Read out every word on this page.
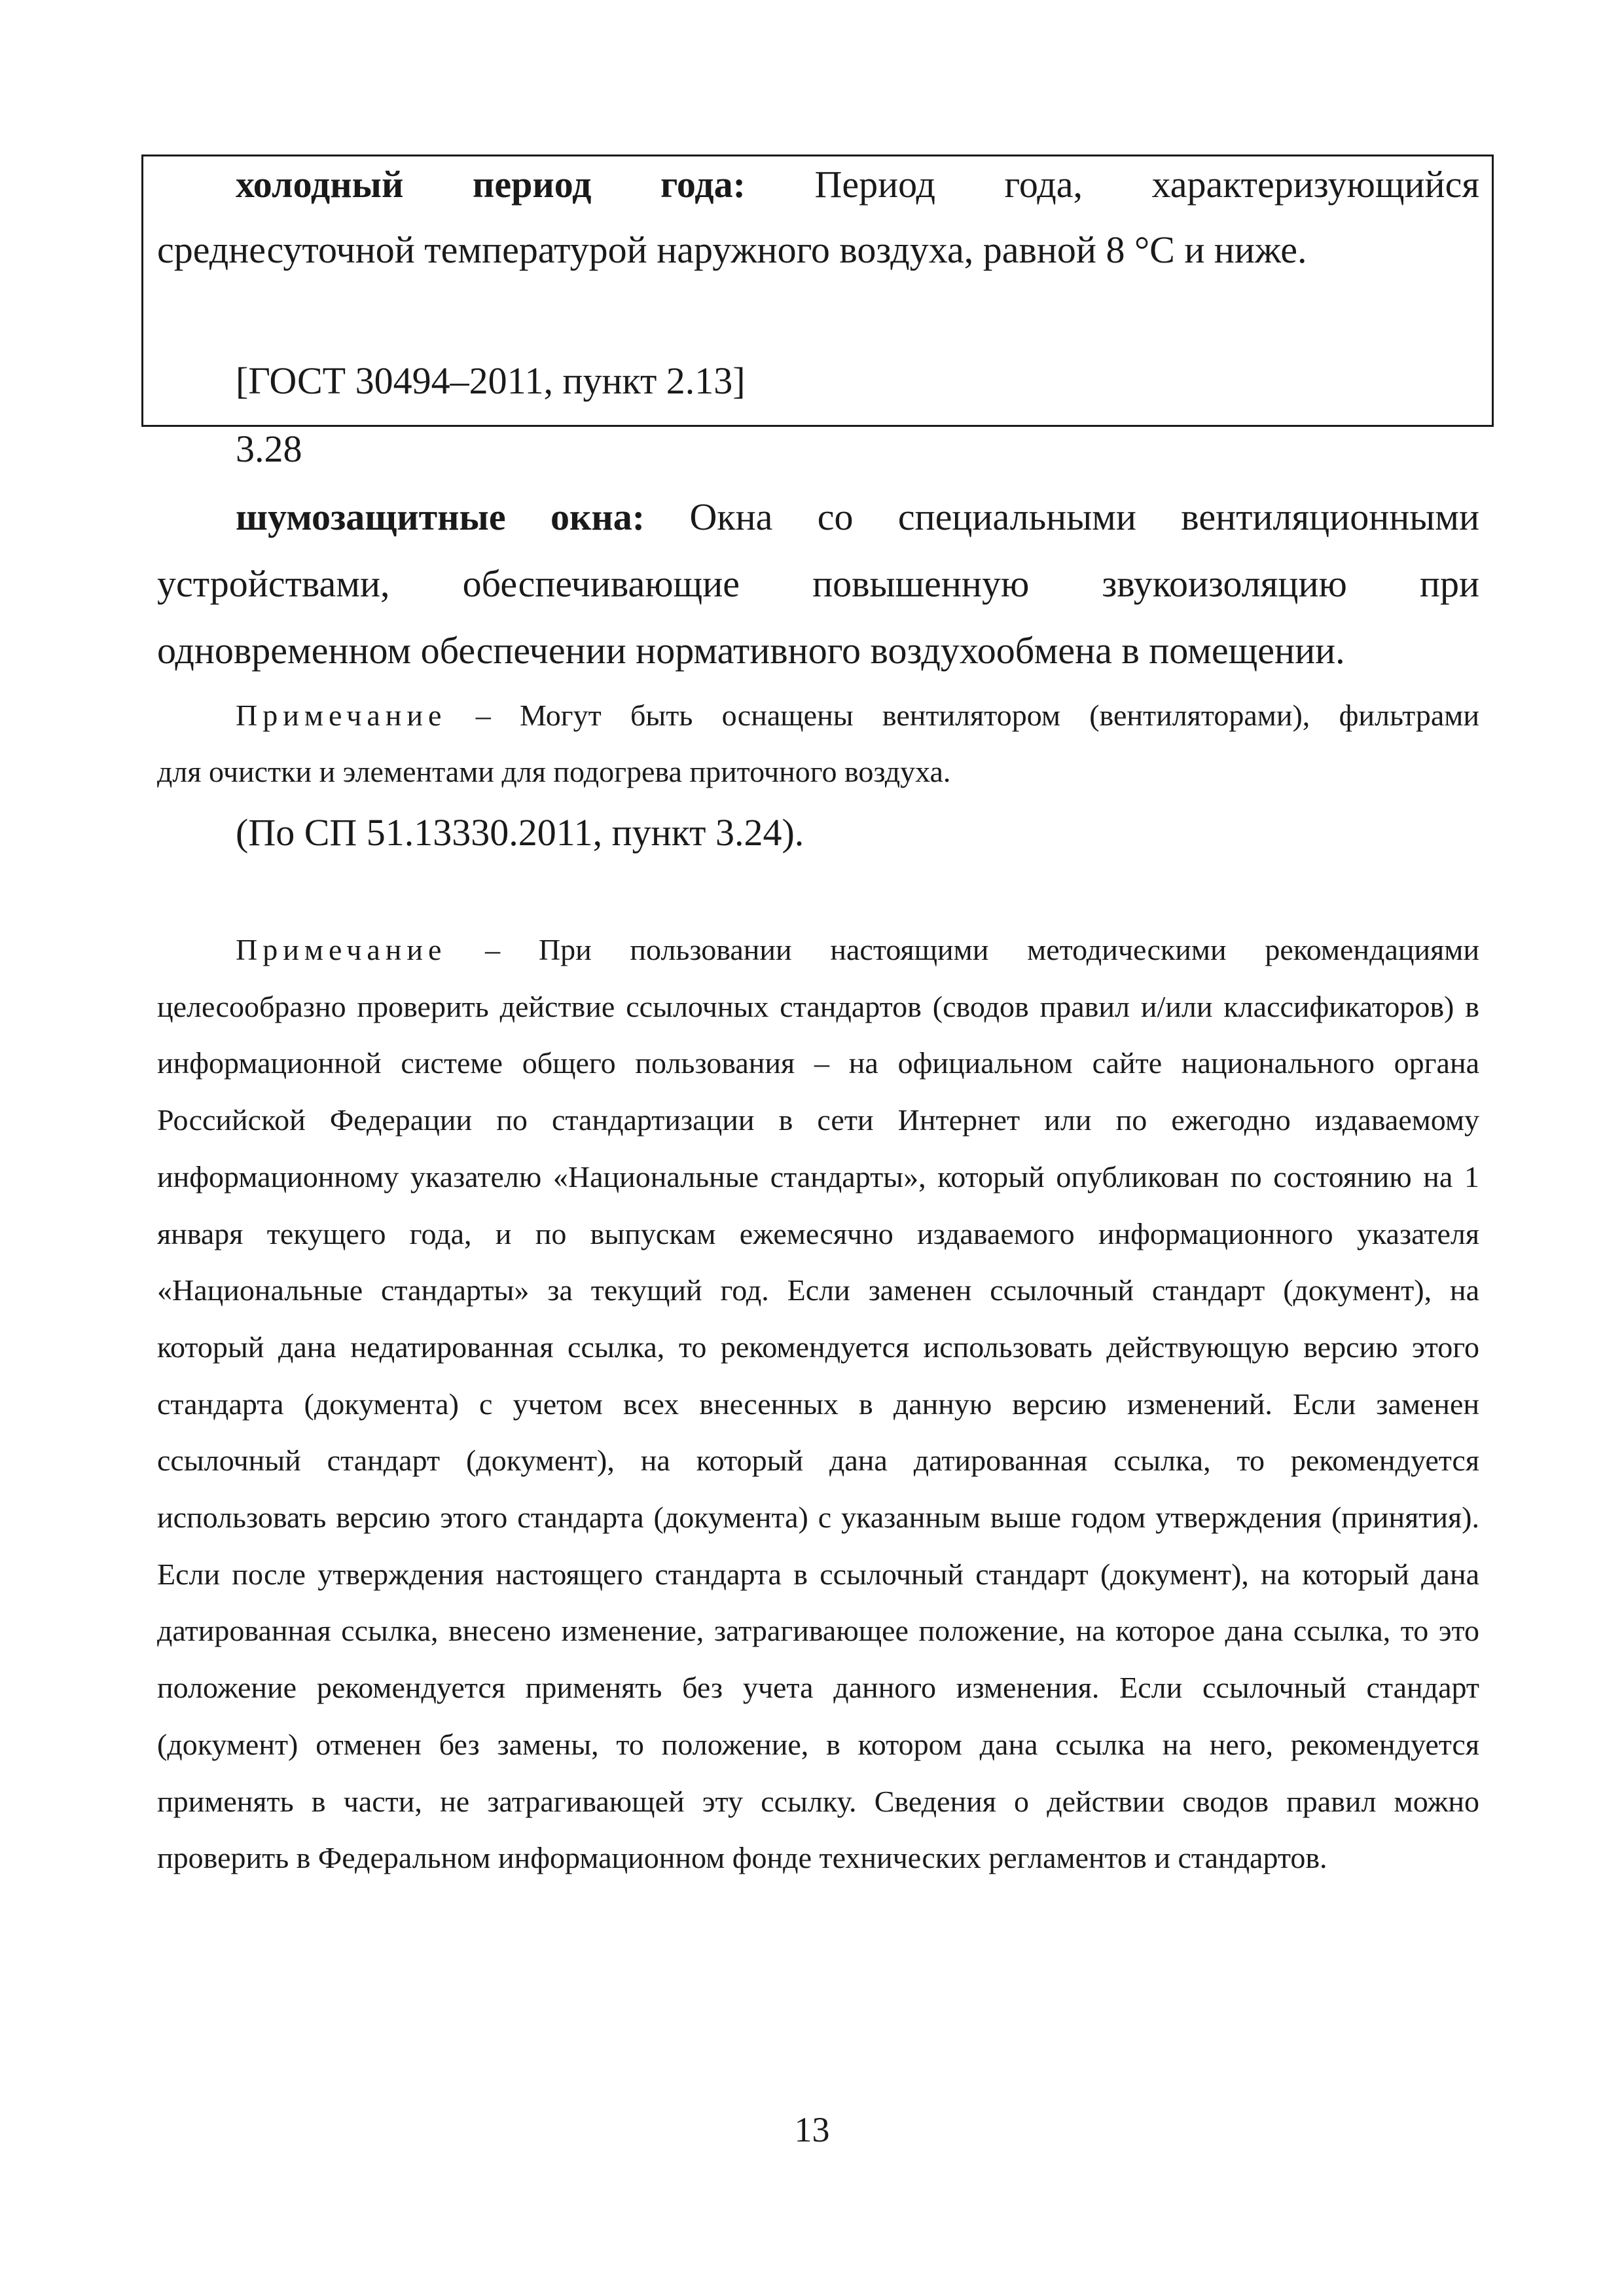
холодный период года: Период года, характеризующийся
среднесуточной температурой наружного воздуха, равной 8 °С и ниже.
[ГОСТ 30494–2011, пункт 2.13]
3.28
шумозащитные окна: Окна со специальными вентиляционными
устройствами, обеспечивающие повышенную звукоизоляцию при
одновременном обеспечении нормативного воздухообмена в помещении.
Примечание – Могут быть оснащены вентилятором (вентиляторами), фильтрами
для очистки и элементами для подогрева приточного воздуха.
(По СП 51.13330.2011, пункт 3.24).
Примечание – При пользовании настоящими методическими рекомендациями целесообразно проверить действие ссылочных стандартов (сводов правил и/или классификаторов) в информационной системе общего пользования – на официальном сайте национального органа Российской Федерации по стандартизации в сети Интернет или по ежегодно издаваемому информационному указателю «Национальные стандарты», который опубликован по состоянию на 1 января текущего года, и по выпускам ежемесячно издаваемого информационного указателя «Национальные стандарты» за текущий год. Если заменен ссылочный стандарт (документ), на который дана недатированная ссылка, то рекомендуется использовать действующую версию этого стандарта (документа) с учетом всех внесенных в данную версию изменений. Если заменен ссылочный стандарт (документ), на который дана датированная ссылка, то рекомендуется использовать версию этого стандарта (документа) с указанным выше годом утверждения (принятия). Если после утверждения настоящего стандарта в ссылочный стандарт (документ), на который дана датированная ссылка, внесено изменение, затрагивающее положение, на которое дана ссылка, то это положение рекомендуется применять без учета данного изменения. Если ссылочный стандарт (документ) отменен без замены, то положение, в котором дана ссылка на него, рекомендуется применять в части, не затрагивающей эту ссылку. Сведения о действии сводов правил можно проверить в Федеральном информационном фонде технических регламентов и стандартов.
13
